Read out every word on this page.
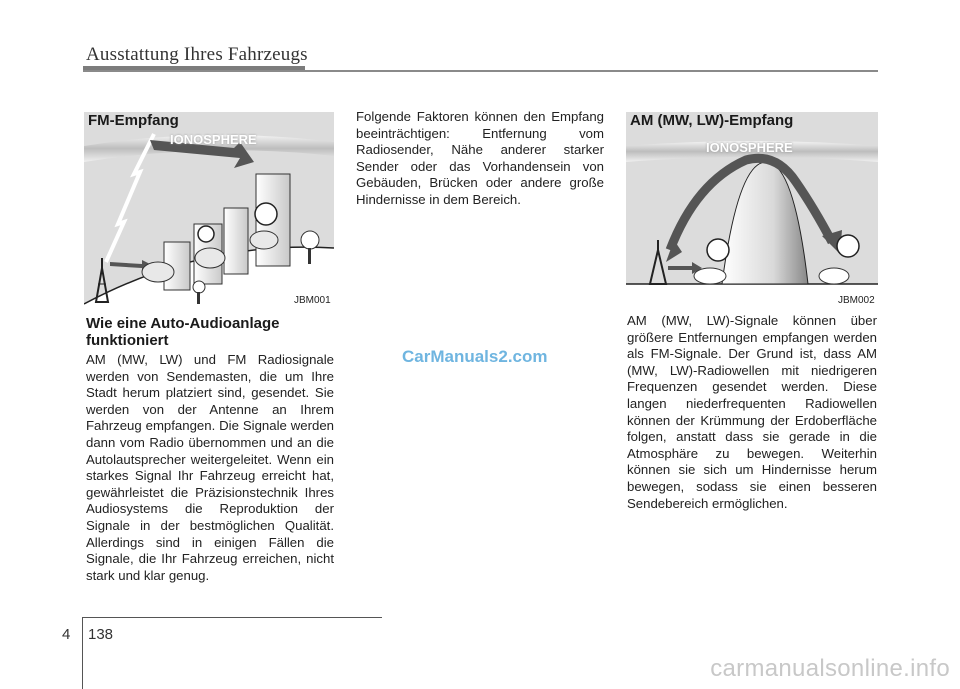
Ausstattung Ihres Fahrzeugs
IONOSPHERE
FM-Empfang
JBM001
IONOSPHERE
AM (MW, LW)-Empfang
JBM002
Wie eine Auto-Audioanlage
funktioniert
AM (MW, LW) und FM Radiosignale werden von Sendemasten, die um Ihre Stadt herum platziert sind, gesendet. Sie werden von der Antenne an Ihrem Fahrzeug empfangen. Die Signale werden dann vom Radio übernommen und an die Autolautsprecher weitergeleitet. Wenn ein starkes Signal Ihr Fahrzeug erreicht hat, gewährleistet die Präzisionstechnik Ihres Audiosystems die Reproduktion der Signale in der bestmöglichen Qualität. Allerdings sind in einigen Fällen die Signale, die Ihr Fahrzeug erreichen, nicht stark und klar genug.
Folgende Faktoren können den Empfang beeinträchtigen: Entfernung vom Radiosender, Nähe anderer starker Sender oder das Vorhandensein von Gebäuden, Brücken oder andere große Hindernisse in dem Bereich.
AM (MW, LW)-Signale können über größere Entfernungen empfangen werden als FM-Signale. Der Grund ist, dass AM (MW, LW)-Radiowellen mit niedrigeren Frequenzen gesendet werden. Diese langen niederfrequenten Radiowellen können der Krümmung der Erdoberfläche folgen, anstatt dass sie gerade in die Atmosphäre zu bewegen. Weiterhin können sie sich um Hindernisse herum bewegen, sodass sie einen besseren Sendebereich ermöglichen.
CarManuals2.com
4 138
carmanualsonline.info
